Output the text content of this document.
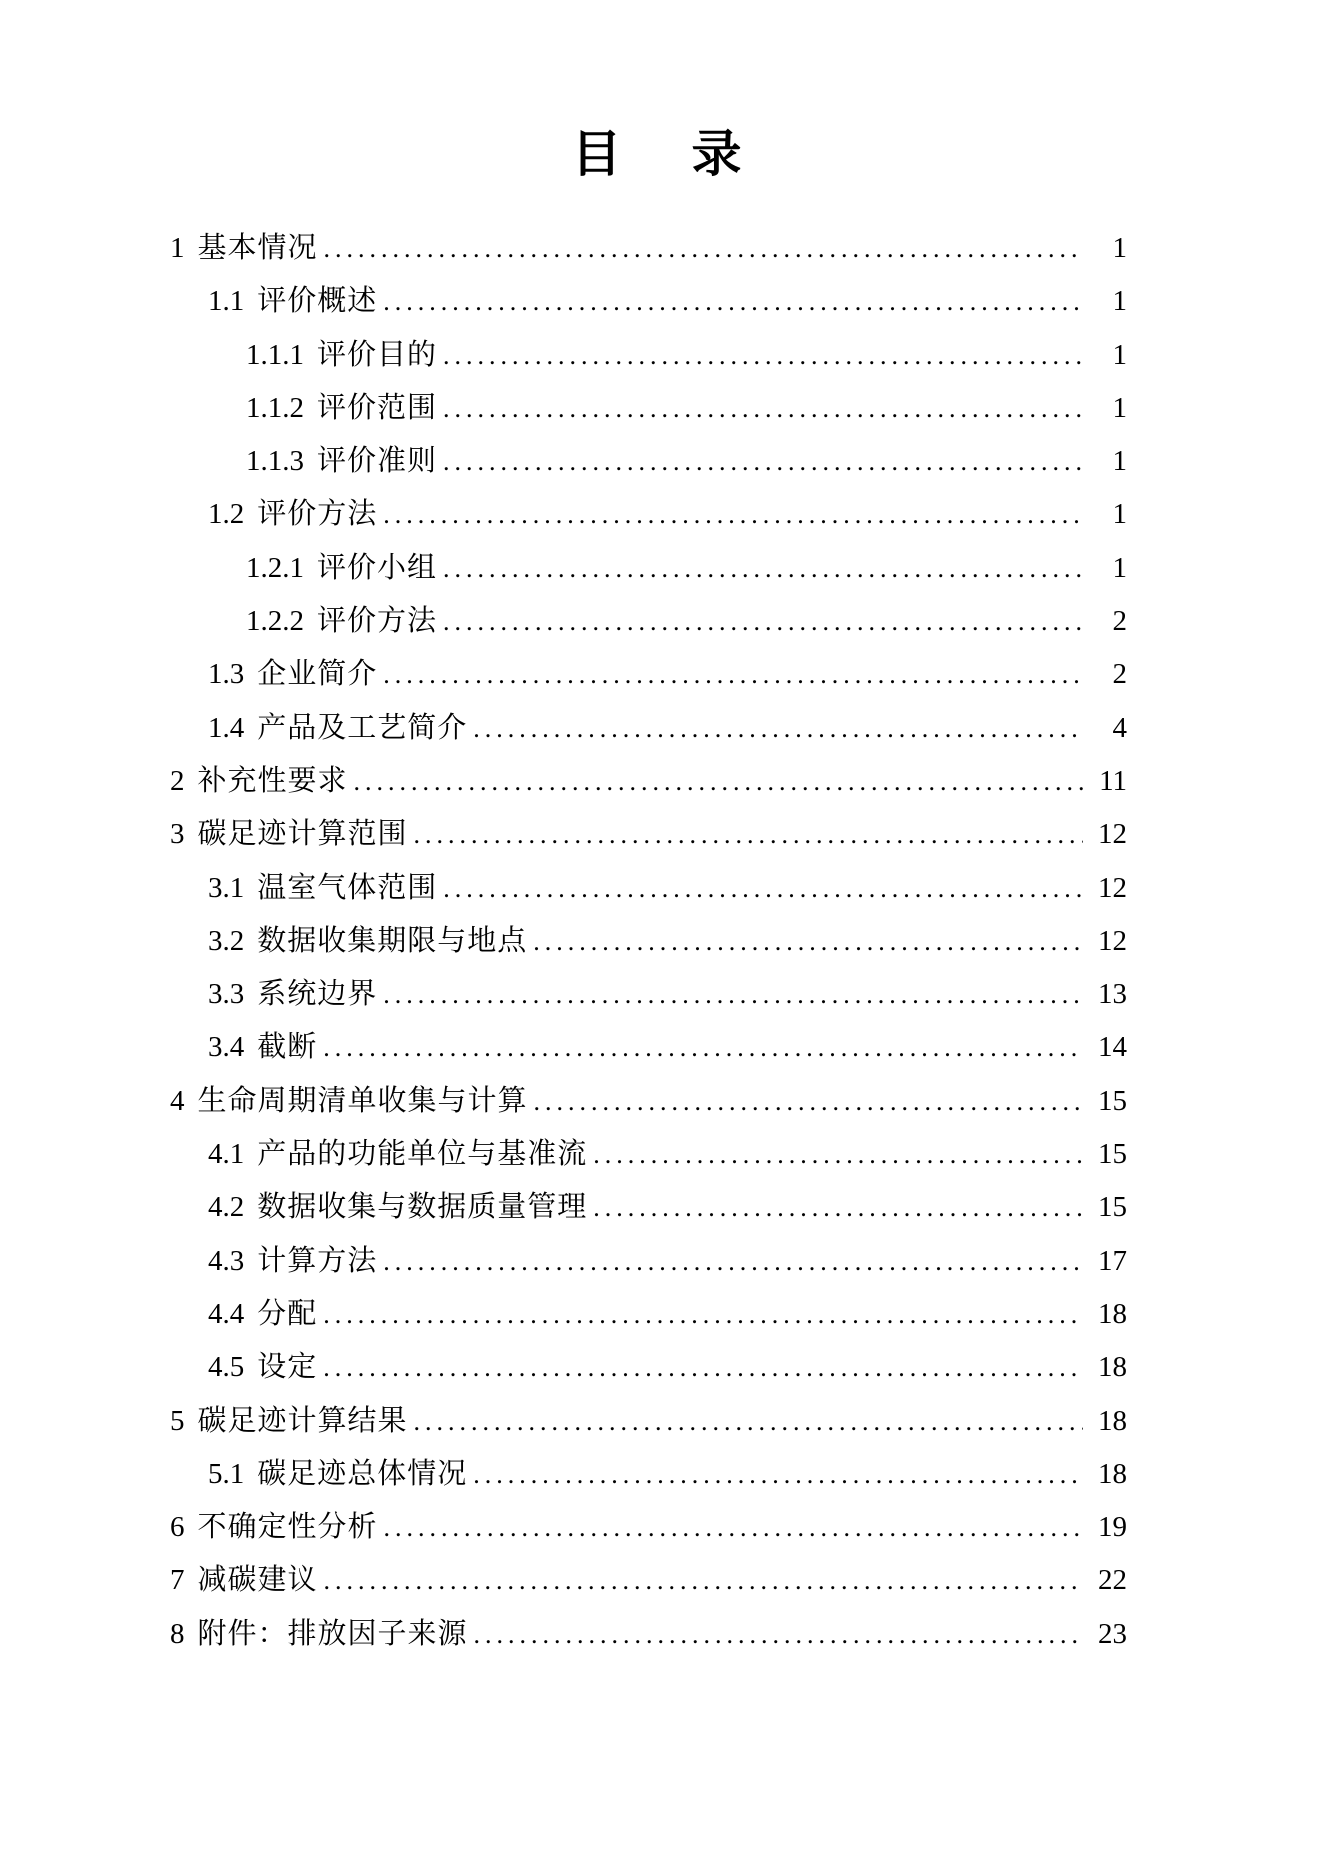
目　录
1 基本情况 .....	1
1.1 评价概述 .....	1
1.1.1 评价目的 .....	1
1.1.2 评价范围 .....	1
1.1.3 评价准则 .....	1
1.2 评价方法 .....	1
1.2.1 评价小组 .....	1
1.2.2 评价方法 .....	2
1.3 企业简介 .....	2
1.4 产品及工艺简介 .....	4
2 补充性要求 .....	11
3 碳足迹计算范围 .....	12
3.1 温室气体范围 .....	12
3.2 数据收集期限与地点 .....	12
3.3 系统边界 .....	13
3.4 截断 .....	14
4 生命周期清单收集与计算 .....	15
4.1 产品的功能单位与基准流 .....	15
4.2 数据收集与数据质量管理 .....	15
4.3 计算方法 .....	17
4.4 分配 .....	18
4.5 设定 .....	18
5 碳足迹计算结果 .....	18
5.1 碳足迹总体情况 .....	18
6 不确定性分析 .....	19
7 减碳建议 .....	22
8 附件：排放因子来源 .....	23
